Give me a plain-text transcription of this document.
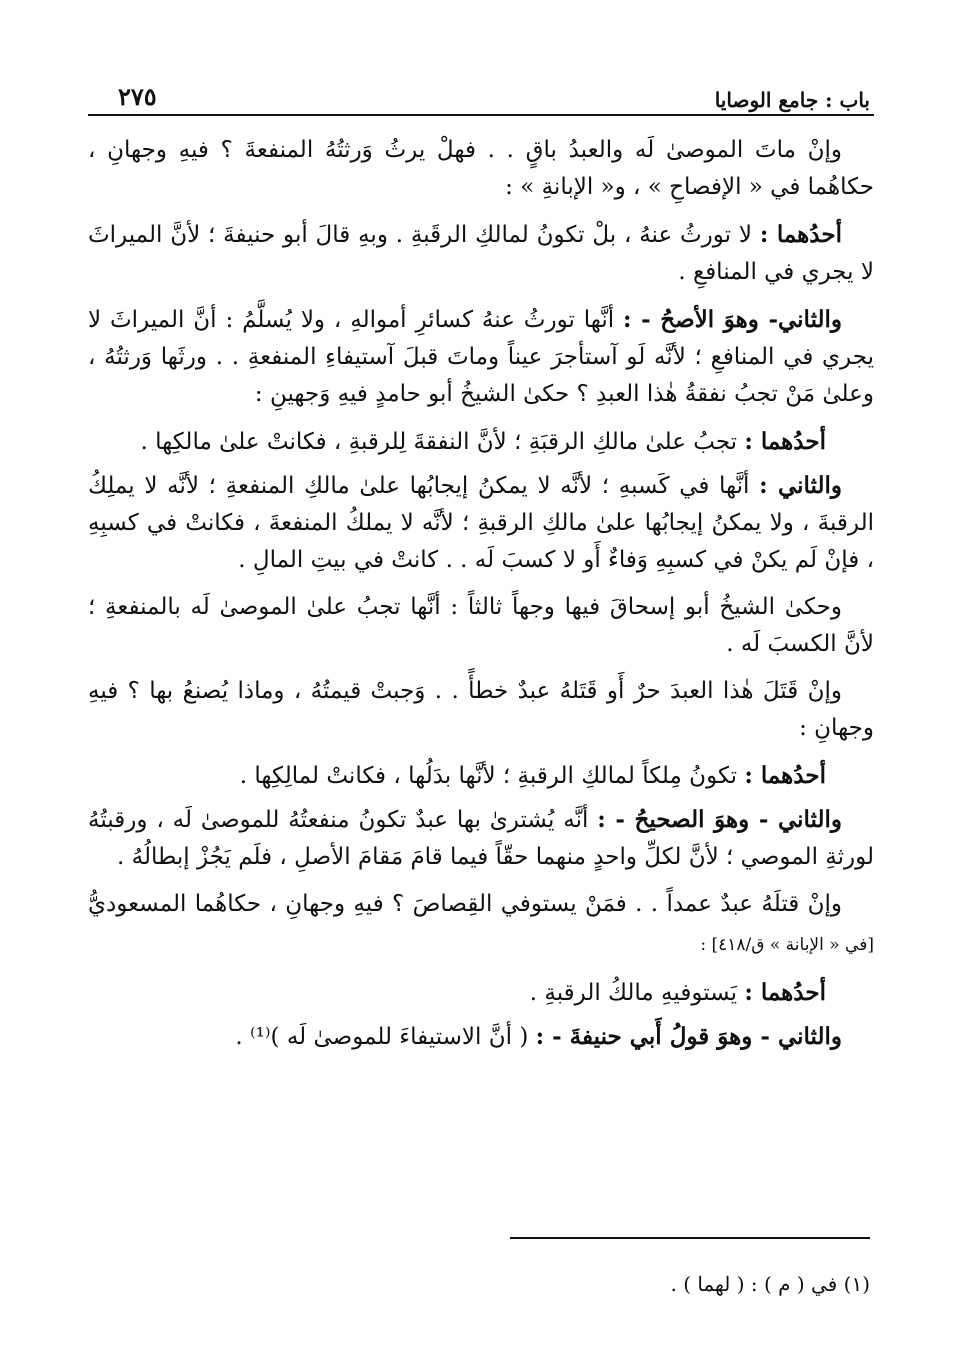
باب : جامع الوصايا
٢٧٥

وإنْ ماتَ الموصىٰ لَه والعبدُ باقٍ . . فهلْ يرثُ وَرثتُهُ المنفعةَ ؟ فيهِ وجهانِ ، حكاهُما في « الإفصاحِ » ، و« الإبانةِ » :

أحدُهما : لا تورثُ عنهُ ، بلْ تكونُ لمالكِ الرقَبةِ . وبهِ قالَ أبو حنيفةَ ؛ لأنَّ الميراثَ لا يجري في المنافعِ .

والثاني- وهوَ الأصحُ - : أنَّها تورثُ عنهُ كسائرِ أموالهِ ، ولا يُسلَّمُ : أنَّ الميراثَ لا يجري في المنافعِ ؛ لأنَّه لَو آستأجرَ عيناً وماتَ قبلَ آستيفاءِ المنفعةِ . . ورثَها وَرثتُهُ ، وعلىٰ مَنْ تجبُ نفقةُ هٰذا العبدِ ؟ حكىٰ الشيخُ أبو حامدٍ فيهِ وَجهينِ :

أحدُهما : تجبُ علىٰ مالكِ الرقبَةِ ؛ لأنَّ النفقةَ لِلرقبةِ ، فكانتْ علىٰ مالكِها .

والثاني : أنَّها في كَسبهِ ؛ لأنَّه لا يمكنُ إيجابُها علىٰ مالكِ المنفعةِ ؛ لأنَّه لا يملِكُ الرقبةَ ، ولا يمكنُ إيجابُها علىٰ مالكِ الرقبةِ ؛ لأنَّه لا يملكُ المنفعةَ ، فكانتْ في كسبِهِ ، فإنْ لَم يكنْ في كسبِهِ وَفاءٌ أَو لا كسبَ لَه . . كانتْ في بيتِ المالِ .

وحكىٰ الشيخُ أبو إسحاقَ فيها وجهاً ثالثاً : أنَّها تجبُ علىٰ الموصىٰ لَه بالمنفعةِ ؛ لأنَّ الكسبَ لَه .

وإنْ قَتَلَ هٰذا العبدَ حرٌ أَو قَتَلهُ عبدٌ خطأً . . وَجبتْ قيمتُهُ ، وماذا يُصنعُ بها ؟ فيهِ وجهانِ :

أحدُهما : تكونُ مِلكاً لمالكِ الرقبةِ ؛ لأنَّها بدَلُها ، فكانتْ لمالِكِها .

والثاني - وهوَ الصحيحُ - : أنَّه يُشترىٰ بها عبدٌ تكونُ منفعتُهُ للموصىٰ لَه ، ورقبتُهُ لورثةِ الموصي ؛ لأنَّ لكلِّ واحدٍ منهما حقّاً فيما قامَ مَقامَ الأصلِ ، فلَم يَجُزْ إبطالُهُ .

وإنْ قتلَهُ عبدٌ عمداً . . فمَنْ يستوفي القِصاصَ ؟ فيهِ وجهانِ ، حكاهُما المسعوديُّ [في « الإبانة » ق/٤١٨] :

أحدُهما : يَستوفيهِ مالكُ الرقبةِ .

والثاني - وهوَ قولُ أَبي حنيفةَ - : ( أنَّ الاستيفاءَ للموصىٰ لَه )⁽¹⁾ .

(١) في ( م ) : ( لهما ) .
